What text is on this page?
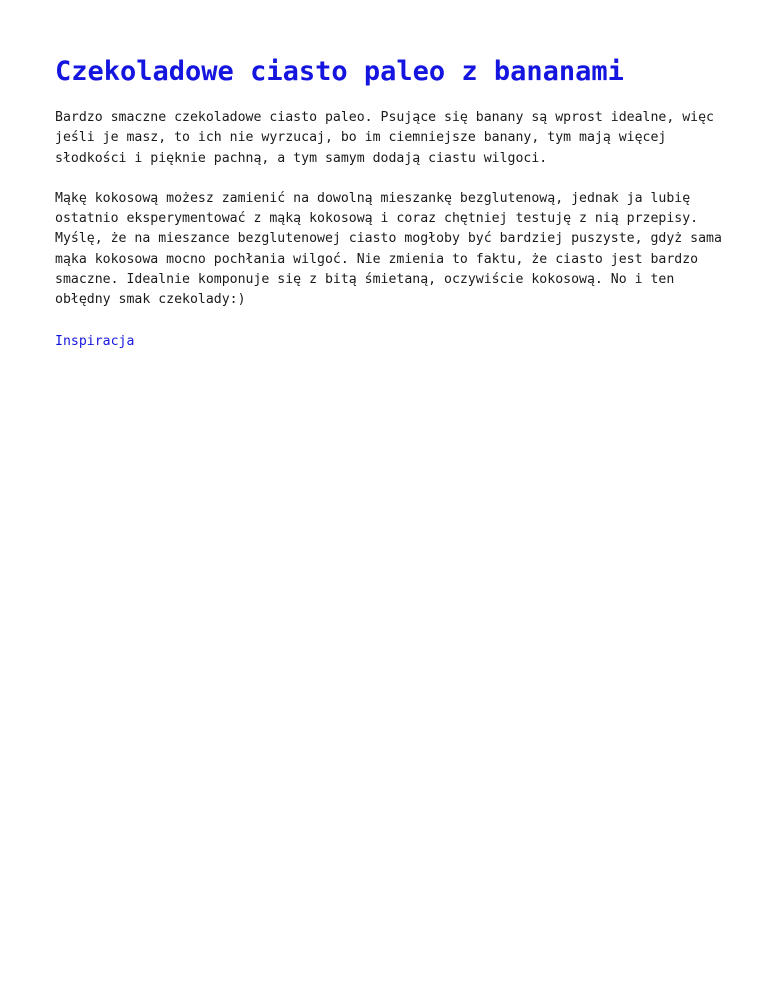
Czekoladowe ciasto paleo z bananami

Bardzo smaczne czekoladowe ciasto paleo. Psujące się banany są wprost idealne, więc jeśli je masz, to ich nie wyrzucaj, bo im ciemniejsze banany, tym mają więcej słodkości i pięknie pachną, a tym samym dodają ciastu wilgoci.

Mąkę kokosową możesz zamienić na dowolną mieszankę bezglutenową, jednak ja lubię ostatnio eksperymentować z mąką kokosową i coraz chętniej testuję z nią przepisy. Myślę, że na mieszance bezglutenowej ciasto mogłoby być bardziej puszyste, gdyż sama mąka kokosowa mocno pochłania wilgoć. Nie zmienia to faktu, że ciasto jest bardzo smaczne. Idealnie komponuje się z bitą śmietaną, oczywiście kokosową. No i ten obłędny smak czekolady:)

Inspiracja
